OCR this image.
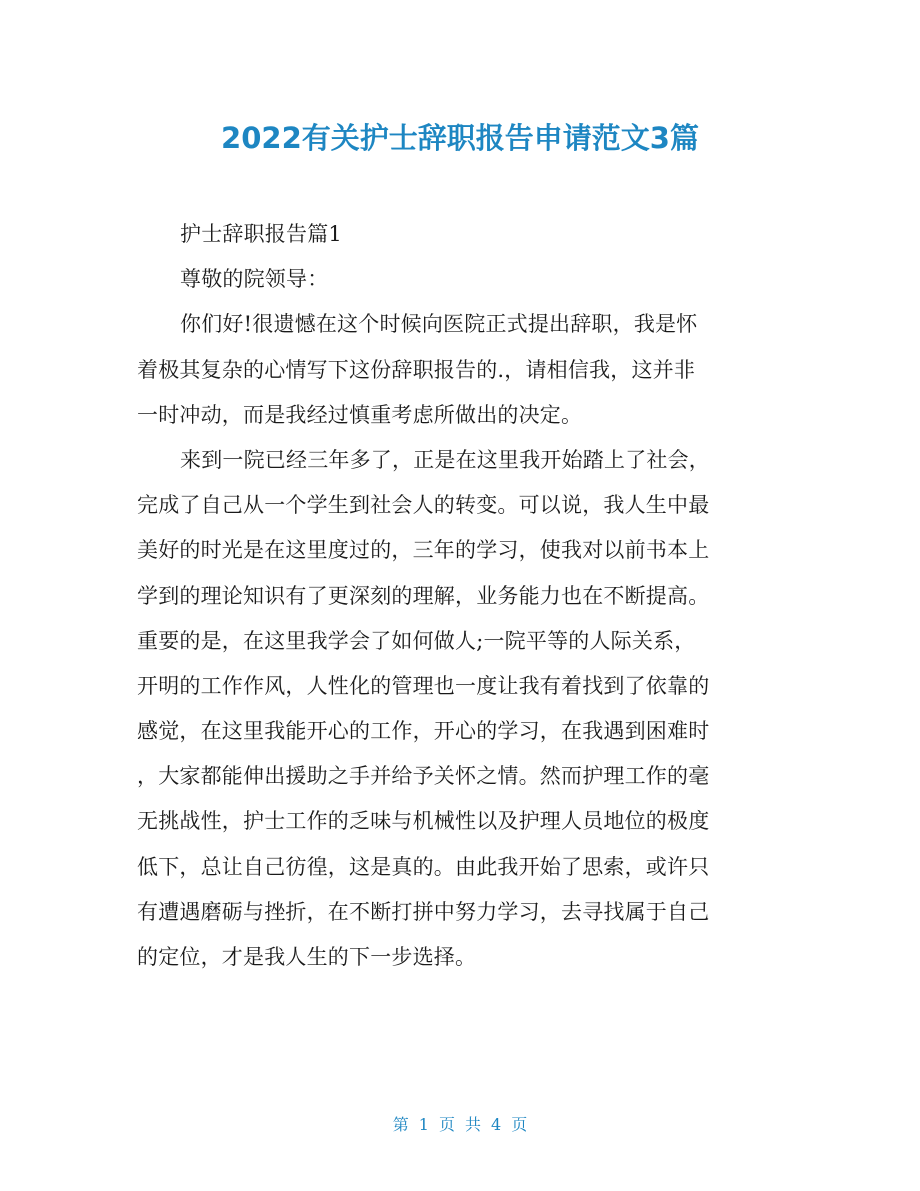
2022有关护士辞职报告申请范文3篇
护士辞职报告篇1
尊敬的院领导：
你们好!很遗憾在这个时候向医院正式提出辞职，我是怀
着极其复杂的心情写下这份辞职报告的.，请相信我，这并非
一时冲动，而是我经过慎重考虑所做出的决定。
来到一院已经三年多了，正是在这里我开始踏上了社会，
完成了自己从一个学生到社会人的转变。可以说，我人生中最
美好的时光是在这里度过的，三年的学习，使我对以前书本上
学到的理论知识有了更深刻的理解，业务能力也在不断提高。
重要的是，在这里我学会了如何做人;一院平等的人际关系，
开明的工作作风，人性化的管理也一度让我有着找到了依靠的
感觉，在这里我能开心的工作，开心的学习，在我遇到困难时
，大家都能伸出援助之手并给予关怀之情。然而护理工作的毫
无挑战性，护士工作的乏味与机械性以及护理人员地位的极度
低下，总让自己彷徨，这是真的。由此我开始了思索，或许只
有遭遇磨砺与挫折，在不断打拼中努力学习，去寻找属于自己
的定位，才是我人生的下一步选择。
第 1 页 共 4 页
